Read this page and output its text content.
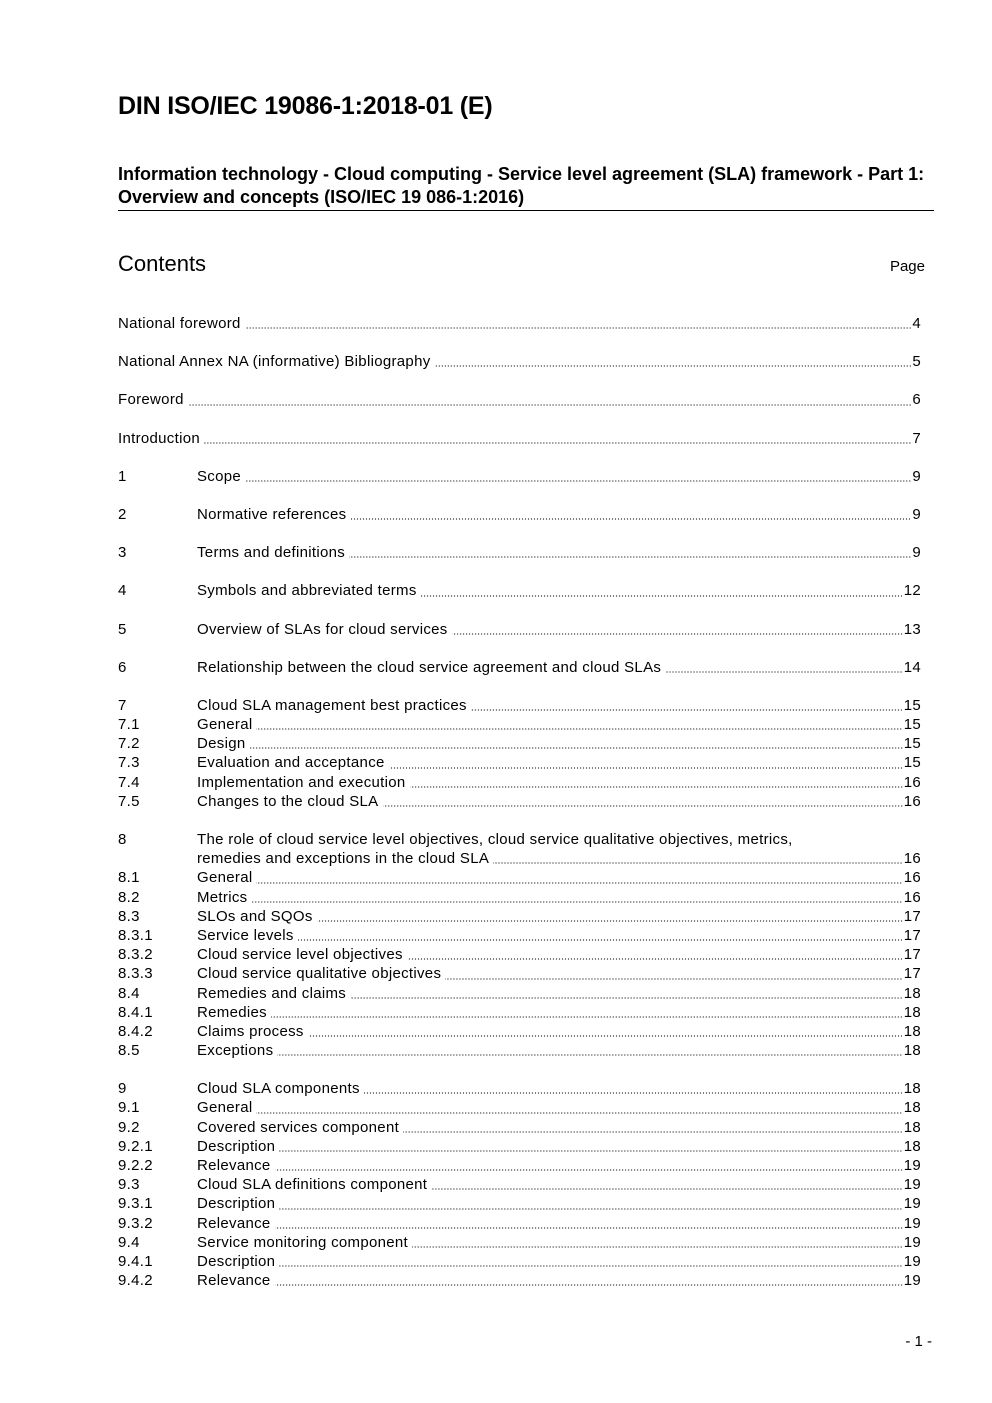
DIN ISO/IEC 19086-1:2018-01 (E)
Information technology - Cloud computing - Service level agreement (SLA) framework - Part 1: Overview and concepts (ISO/IEC 19 086-1:2016)
Contents	Page
National foreword	4
National Annex NA (informative) Bibliography	5
Foreword	6
Introduction	7
1	Scope	9
2	Normative references	9
3	Terms and definitions	9
4	Symbols and abbreviated terms	12
5	Overview of SLAs for cloud services	13
6	Relationship between the cloud service agreement and cloud SLAs	14
7	Cloud SLA management best practices	15
7.1	General	15
7.2	Design	15
7.3	Evaluation and acceptance	15
7.4	Implementation and execution	16
7.5	Changes to the cloud SLA	16
8	The role of cloud service level objectives, cloud service qualitative objectives, metrics,
remedies and exceptions in the cloud SLA	16
8.1	General	16
8.2	Metrics	16
8.3	SLOs and SQOs	17
8.3.1	Service levels	17
8.3.2	Cloud service level objectives	17
8.3.3	Cloud service qualitative objectives	17
8.4	Remedies and claims	18
8.4.1	Remedies	18
8.4.2	Claims process	18
8.5	Exceptions	18
9	Cloud SLA components	18
9.1	General	18
9.2	Covered services component	18
9.2.1	Description	18
9.2.2	Relevance	19
9.3	Cloud SLA definitions component	19
9.3.1	Description	19
9.3.2	Relevance	19
9.4	Service monitoring component	19
9.4.1	Description	19
9.4.2	Relevance	19
- 1 -
